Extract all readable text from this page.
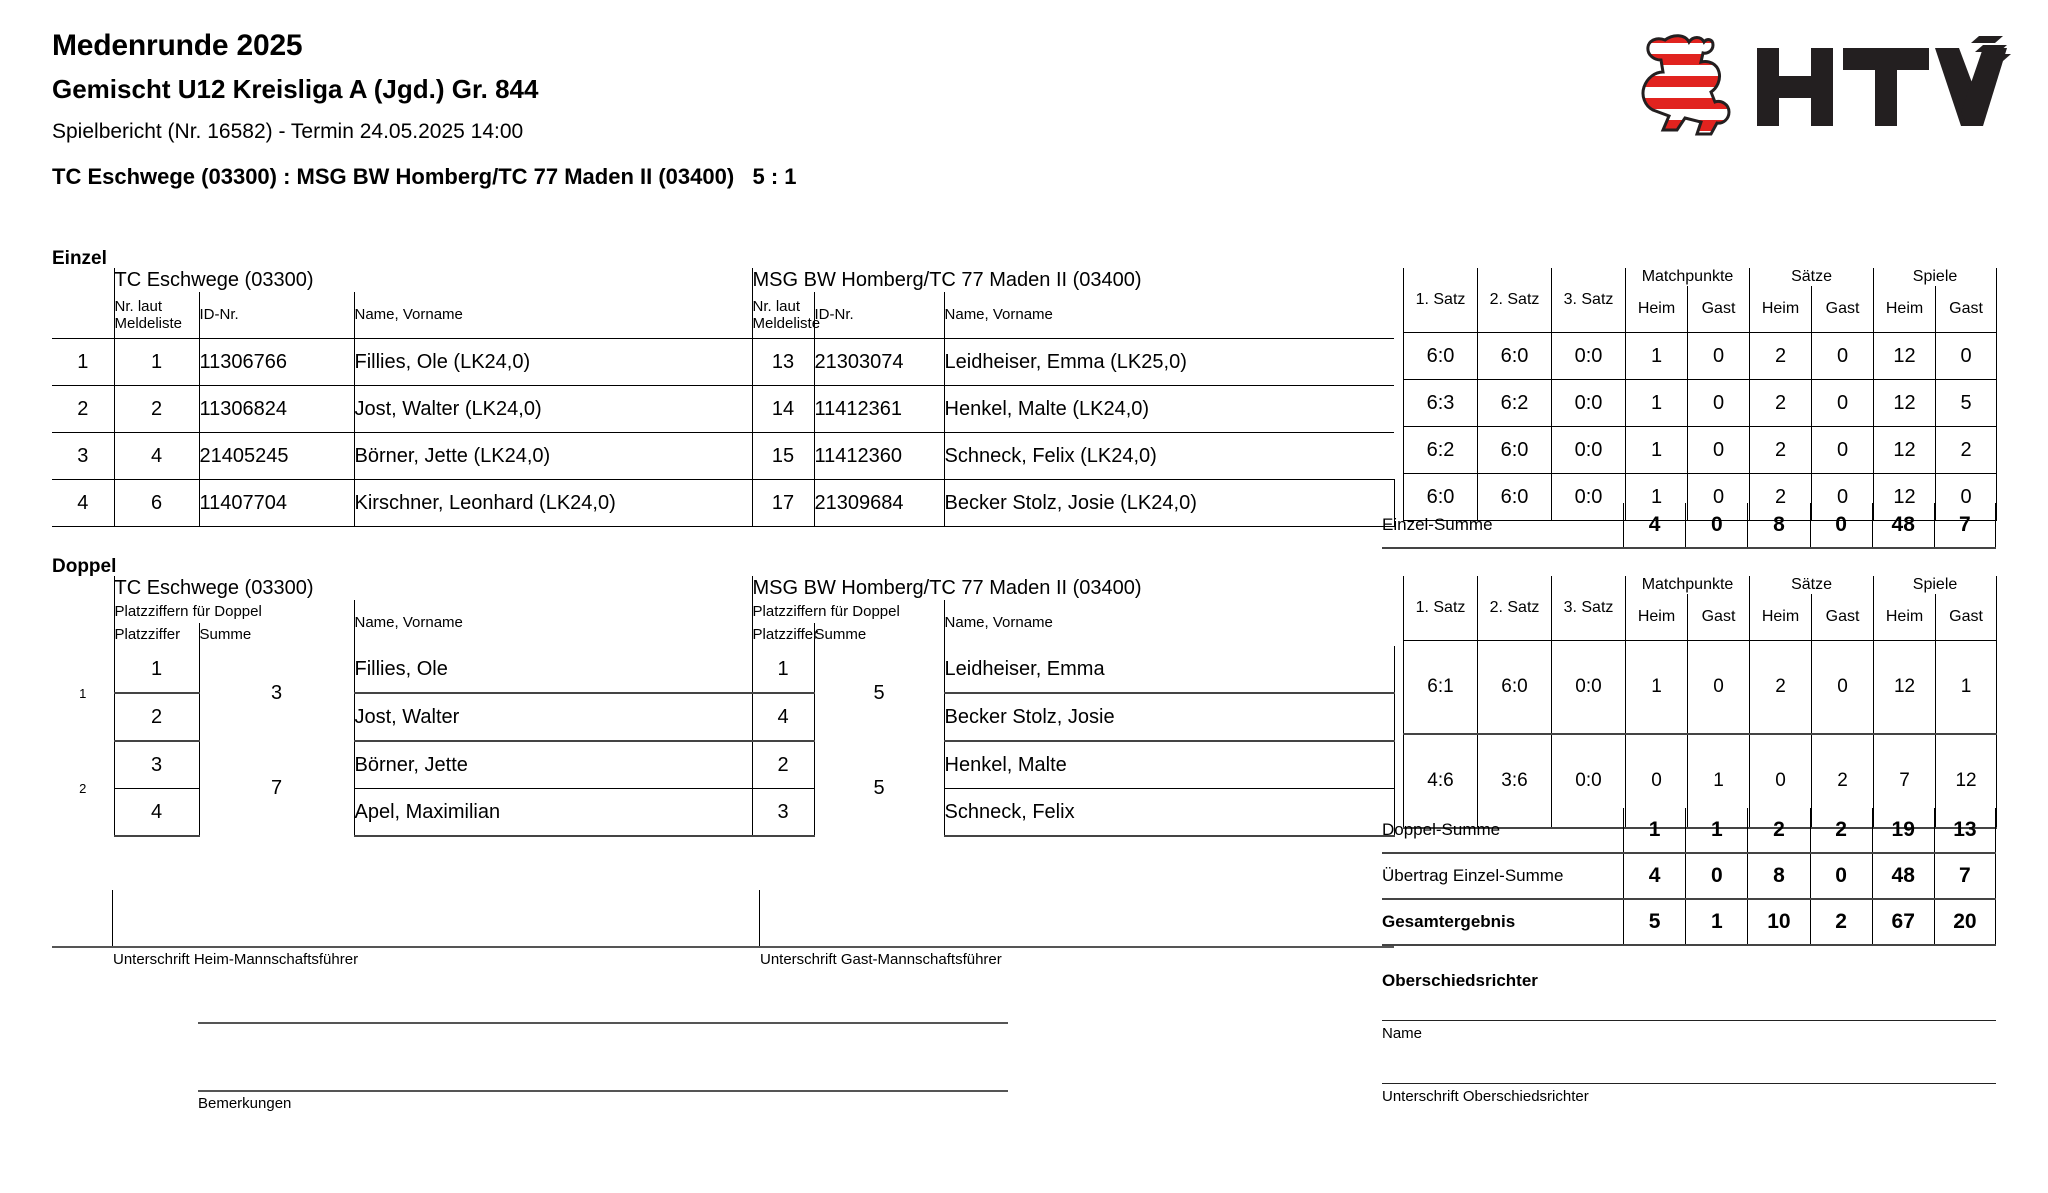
Medenrunde 2025
Gemischt U12 Kreisliga A (Jgd.) Gr. 844
Spielbericht (Nr. 16582) - Termin 24.05.2025 14:00
TC Eschwege (03300) : MSG BW Homberg/TC 77 Maden II (03400)   5 : 1
Einzel
	TC Eschwege (03300)			MSG BW Homberg/TC 77 Maden II (03400)		
	Nr. laut
Meldeliste	ID-Nr.	Name, Vorname	Nr. laut
Meldeliste	ID-Nr.	Name, Vorname
1	1	11306766	Fillies, Ole (LK24,0)	13	21303074	Leidheiser, Emma (LK25,0)
2	2	11306824	Jost, Walter (LK24,0)	14	11412361	Henkel, Malte (LK24,0)
3	4	21405245	Börner, Jette (LK24,0)	15	11412360	Schneck, Felix (LK24,0)
4	6	11407704	Kirschner, Leonhard (LK24,0)	17	21309684	Becker Stolz, Josie (LK24,0)
1. Satz	2. Satz	3. Satz	Matchpunkte		Sätze		Spiele	
			Heim	Gast	Heim	Gast	Heim	Gast
6:0	6:0	0:0	1	0	2	0	12	0
6:3	6:2	0:0	1	0	2	0	12	5
6:2	6:0	0:0	1	0	2	0	12	2
6:0	6:0	0:0	1	0	2	0	12	0
Einzel-Summe	4	0	8	0	48	7
Doppel
	TC Eschwege (03300)			MSG BW Homberg/TC 77 Maden II (03400)		
	Platzziffern für Doppel		Name, Vorname	Platzziffern für Doppel		Name, Vorname
	Platzziffer	Summe		Platzziffer	Summe	
1	1	3	Fillies, Ole	1	5	Leidheiser, Emma
	2		Jost, Walter	4		Becker Stolz, Josie
2	3	7	Börner, Jette	2	5	Henkel, Malte
	4		Apel, Maximilian	3		Schneck, Felix
1. Satz	2. Satz	3. Satz	Matchpunkte		Sätze		Spiele	
			Heim	Gast	Heim	Gast	Heim	Gast
6:1	6:0	0:0	1	0	2	0	12	1
4:6	3:6	0:0	0	1	0	2	7	12
Doppel-Summe	1	1	2	2	19	13
Übertrag Einzel-Summe	4	0	8	0	48	7
Gesamtergebnis	5	1	10	2	67	20
Unterschrift Heim-Mannschaftsführer	Unterschrift Gast-Mannschaftsführer
Bemerkungen
Oberschiedsrichter
Name
Unterschrift Oberschiedsrichter
